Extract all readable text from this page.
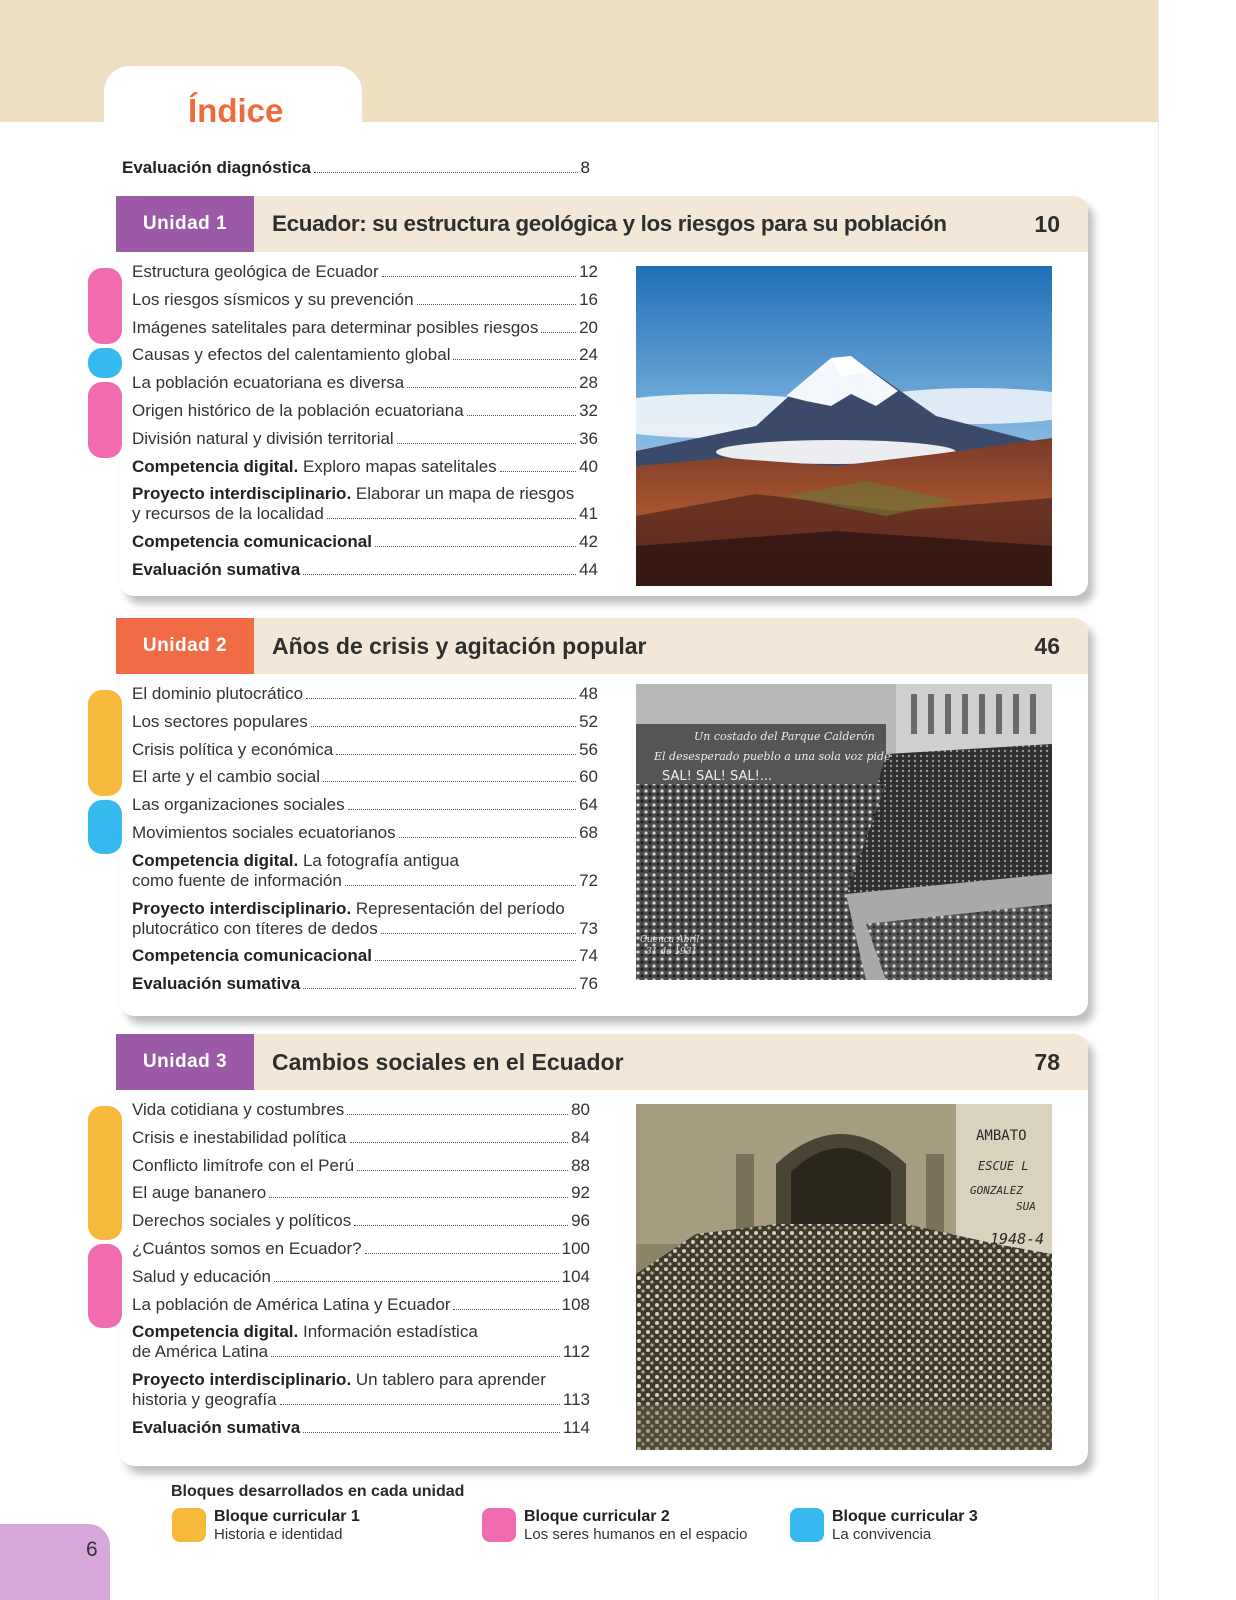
Índice
Evaluación diagnóstica	8
Unidad 1	Ecuador: su estructura geológica y los riesgos para su población	10
Estructura geológica de Ecuador	12
Los riesgos sísmicos y su prevención	16
Imágenes satelitales para determinar posibles riesgos 20
Causas y efectos del calentamiento global	24
La población ecuatoriana es diversa	28
Origen histórico de la población ecuatoriana	32
División natural y división territorial	36
Competencia digital. Exploro mapas satelitales	40
Proyecto interdisciplinario. Elaborar un mapa de riesgos
y recursos de la localidad	41
Competencia comunicacional	42
Evaluación sumativa	44
Unidad 2	Años de crisis y agitación popular	46
El dominio plutocrático	48
Los sectores populares	52
Crisis política y económica	56
El arte y el cambio social	60
Las organizaciones sociales	64
Movimientos sociales ecuatorianos	68
Competencia digital. La fotografía antigua
como fuente de información	72
Proyecto interdisciplinario. Representación del período
plutocrático con títeres de dedos	73
Competencia comunicacional	74
Evaluación sumativa	76
Un costado del Parque Calderón
El desesperado pueblo a una sola voz pide
SAL! SAL! SAL!...
Cuenca Abril
31 de 1931
Unidad 3	Cambios sociales en el Ecuador	78
Vida cotidiana y costumbres	80
Crisis e inestabilidad política	84
Conflicto limítrofe con el Perú	88
El auge bananero	92
Derechos sociales y políticos	96
¿Cuántos somos en Ecuador?	100
Salud y educación	104
La población de América Latina y Ecuador	108
Competencia digital. Información estadística
de América Latina	112
Proyecto interdisciplinario. Un tablero para aprender
historia y geografía	113
Evaluación sumativa	114
AMBATO
ESCUE L
GONZALEZ
SUA
1948-4
Bloques desarrollados en cada unidad
Bloque curricular 1
Historia e identidad
Bloque curricular 2
Los seres humanos en el espacio
Bloque curricular 3
La convivencia
6
